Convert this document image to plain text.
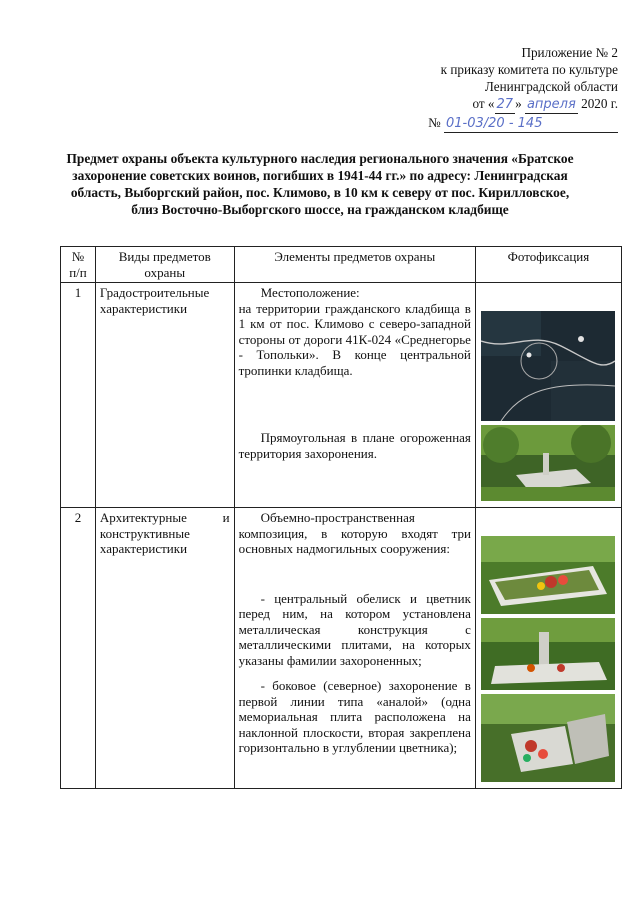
Приложение № 2
к приказу комитета по культуре
Ленинградской области
от « 27 » апреля 2020 г.
№ 01-03/20 - 145
Предмет охраны объекта культурного наследия регионального значения «Братское захоронение советских воинов, погибших в 1941-44 гг.» по адресу: Ленинградская область, Выборгский район, пос. Климово, в 10 км к северу от пос. Кирилловское, близ Восточно-Выборгского шоссе, на гражданском кладбище
№ п/п	Виды предметов охраны	Элементы предметов охраны	Фотофиксация
1	Градостроительные характеристики	Местоположение:
на территории гражданского кладбища в 1 км от пос. Климово с северо-западной стороны от дороги 41К-024 «Среднегорье - Топольки». В конце центральной тропинки кладбища.
Прямоугольная в плане огороженная территория захоронения.

2	Архитектурные и конструктивные характеристики	Объемно-пространственная композиция, в которую входят три основных надмогильных сооружения:
- центральный обелиск и цветник перед ним, на котором установлена металлическая конструкция с металлическими плитами, на которых указаны фамилии захороненных;
- боковое (северное) захоронение в первой линии типа «аналой» (одна мемориальная плита расположена на наклонной плоскости, вторая закреплена горизонтально в углублении цветника);
